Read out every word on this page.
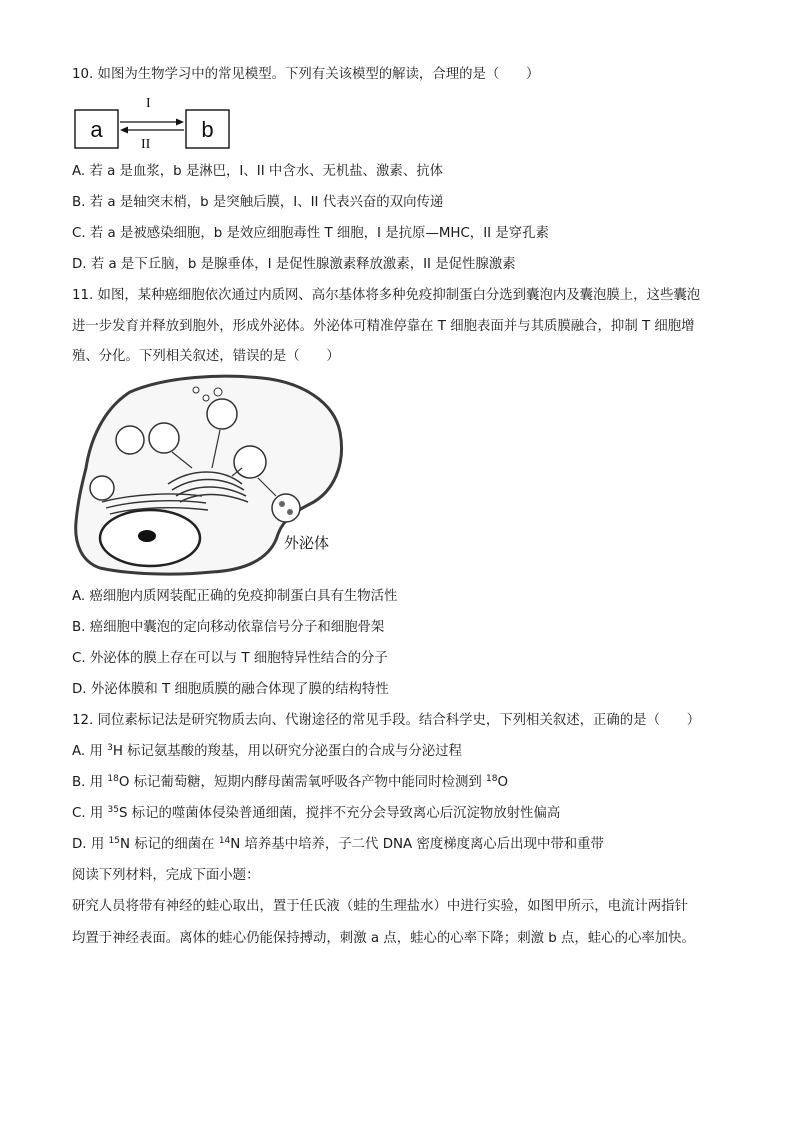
10. 如图为生物学习中的常见模型。下列有关该模型的解读，合理的是（　　）
a	b
I
II
A. 若 a 是血浆，b 是淋巴，I、II 中含水、无机盐、激素、抗体
B. 若 a 是轴突末梢，b 是突触后膜，I、II 代表兴奋的双向传递
C. 若 a 是被感染细胞，b 是效应细胞毒性 T 细胞，I 是抗原—MHC，II 是穿孔素
D. 若 a 是下丘脑，b 是腺垂体，I 是促性腺激素释放激素，II 是促性腺激素
11. 如图，某种癌细胞依次通过内质网、高尔基体将多种免疫抑制蛋白分选到囊泡内及囊泡膜上，这些囊泡
进一步发育并释放到胞外，形成外泌体。外泌体可精准停靠在 T 细胞表面并与其质膜融合，抑制 T 细胞增
殖、分化。下列相关叙述，错误的是（　　）
外泌体
A. 癌细胞内质网装配正确的免疫抑制蛋白具有生物活性
B. 癌细胞中囊泡的定向移动依靠信号分子和细胞骨架
C. 外泌体的膜上存在可以与 T 细胞特异性结合的分子
D. 外泌体膜和 T 细胞质膜的融合体现了膜的结构特性
12. 同位素标记法是研究物质去向、代谢途径的常见手段。结合科学史，下列相关叙述，正确的是（　　）
A. 用 $^3$H 标记氨基酸的羧基，用以研究分泌蛋白的合成与分泌过程
B. 用 $^{18}$O 标记葡萄糖，短期内酵母菌需氧呼吸各产物中能同时检测到 $^{18}$O
C. 用 $^{35}$S 标记的噬菌体侵染普通细菌，搅拌不充分会导致离心后沉淀物放射性偏高
D. 用 $^{15}$N 标记的细菌在 $^{14}$N 培养基中培养，子二代 DNA 密度梯度离心后出现中带和重带
阅读下列材料，完成下面小题：
研究人员将带有神经的蛙心取出，置于任氏液（蛙的生理盐水）中进行实验，如图甲所示，电流计两指针
均置于神经表面。离体的蛙心仍能保持搏动，刺激 a 点，蛙心的心率下降；刺激 b 点，蛙心的心率加快。
